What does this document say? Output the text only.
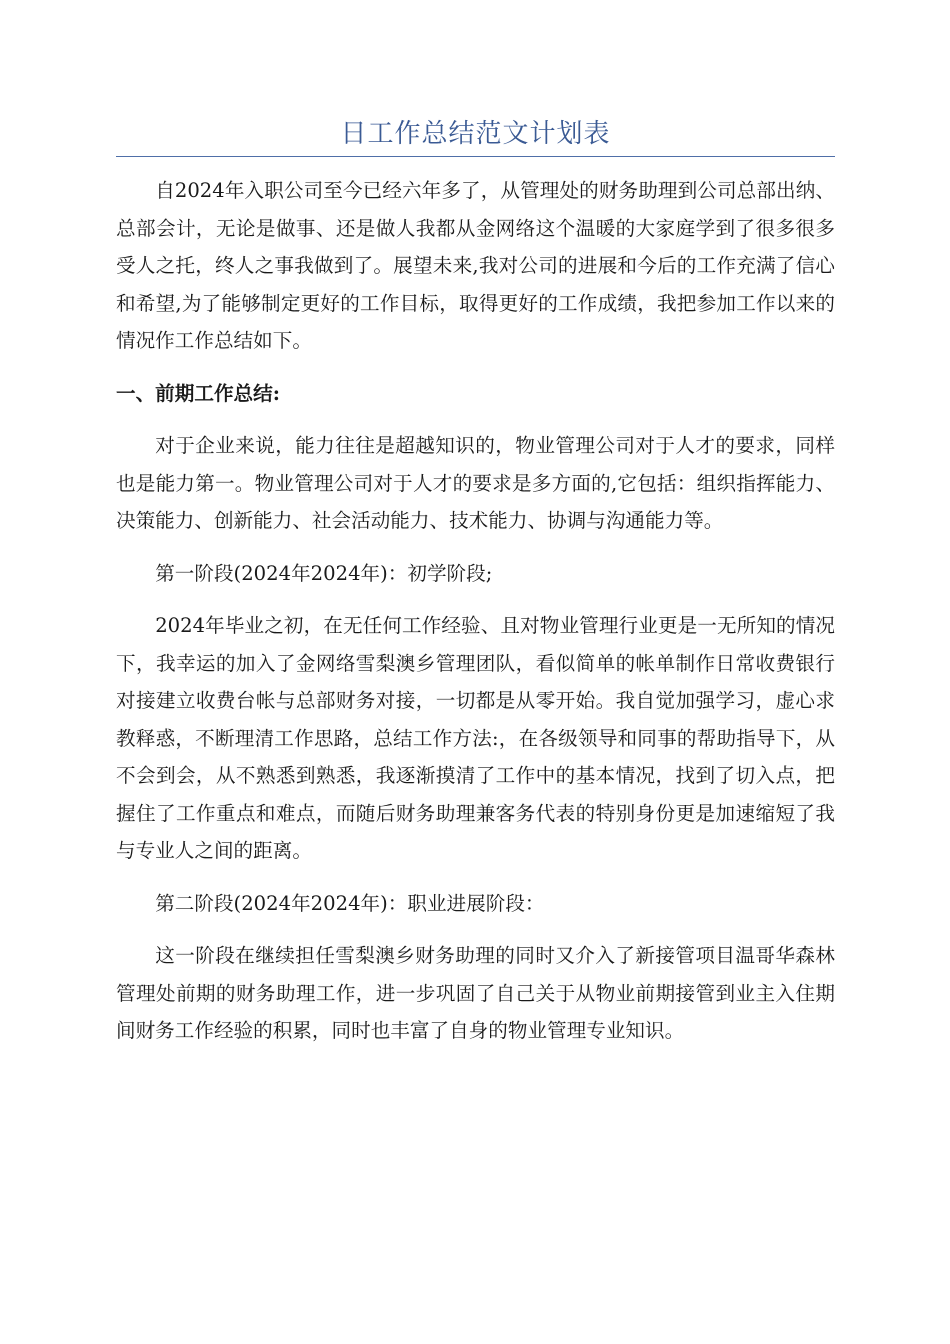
日工作总结范文计划表

自2024年入职公司至今已经六年多了，从管理处的财务助理到公司总部出纳、总部会计，无论是做事、还是做人我都从金网络这个温暖的大家庭学到了很多很多受人之托，终人之事我做到了。展望未来,我对公司的进展和今后的工作充满了信心和希望,为了能够制定更好的工作目标，取得更好的工作成绩，我把参加工作以来的情况作工作总结如下。

一、前期工作总结:

对于企业来说，能力往往是超越知识的，物业管理公司对于人才的要求，同样也是能力第一。物业管理公司对于人才的要求是多方面的,它包括：组织指挥能力、决策能力、创新能力、社会活动能力、技术能力、协调与沟通能力等。

第一阶段(2024年2024年)：初学阶段;

2024年毕业之初，在无任何工作经验、且对物业管理行业更是一无所知的情况下，我幸运的加入了金网络雪梨澳乡管理团队，看似简单的帐单制作日常收费银行对接建立收费台帐与总部财务对接，一切都是从零开始。我自觉加强学习，虚心求教释惑，不断理清工作思路，总结工作方法:，在各级领导和同事的帮助指导下，从不会到会，从不熟悉到熟悉，我逐渐摸清了工作中的基本情况，找到了切入点，把握住了工作重点和难点，而随后财务助理兼客务代表的特别身份更是加速缩短了我与专业人之间的距离。

第二阶段(2024年2024年)：职业进展阶段：

这一阶段在继续担任雪梨澳乡财务助理的同时又介入了新接管项目温哥华森林管理处前期的财务助理工作，进一步巩固了自己关于从物业前期接管到业主入住期间财务工作经验的积累，同时也丰富了自身的物业管理专业知识。
